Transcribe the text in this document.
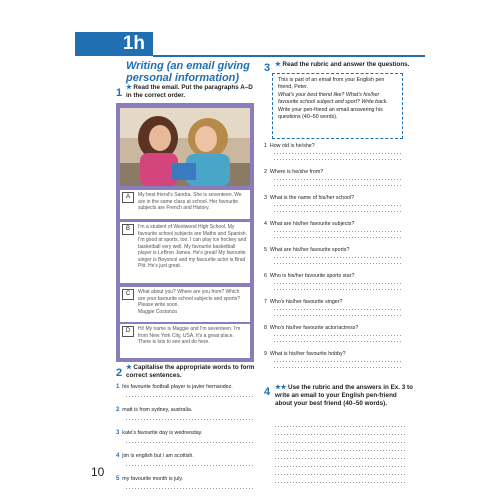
1h
Writing (an email giving personal information)
1 ★ Read the email. Put the paragraphs A–D in the correct order.
A	My best friend's Sandra. She is seventeen. We are in the same class at school. Her favourite subjects are French and History.
B	I'm a student of Westwood High School. My favourite school subjects are Maths and Spanish. I'm good at sports, too. I can play ice hockey and basketball very well. My favourite basketball player is LeBron James. He's great! My favourite singer is Beyoncé and my favourite actor is Brad Pitt. He's just great.
C	What about you? Where are you from? Which are your favourite school subjects and sports? Please write soon.
Maggie Costanza
D	Hi! My name is Maggie and I'm seventeen. I'm from New York City, USA. It's a great place. There is lots to see and do here.
2 ★ Capitalise the appropriate words to form correct sentences.
1 his favourite football player is javier hernandez.
2 matt is from sydney, australia.
3 kate's favourite day is wednesday.
4 jim is english but i am scottish.
5 my favourite month is july.
10
3 ★ Read the rubric and answer the questions.
This is part of an email from your English pen friend, Peter.
What's your best friend like? What's his/her favourite school subject and sport? Write back.
Write your pen-friend an email answering his questions (40–50 words).
1 How old is he/she?
2 Where is he/she from?
3 What is the name of his/her school?
4 What are his/her favourite subjects?
5 What are his/her favourite sports?
6 Who is his/her favourite sports star?
7 Who's his/her favourite singer?
8 Who's his/her favourite actor/actress?
9 What is his/her favourite hobby?
4 ★★ Use the rubric and the answers in Ex. 3 to write an email to your English pen-friend about your best friend (40–50 words).
